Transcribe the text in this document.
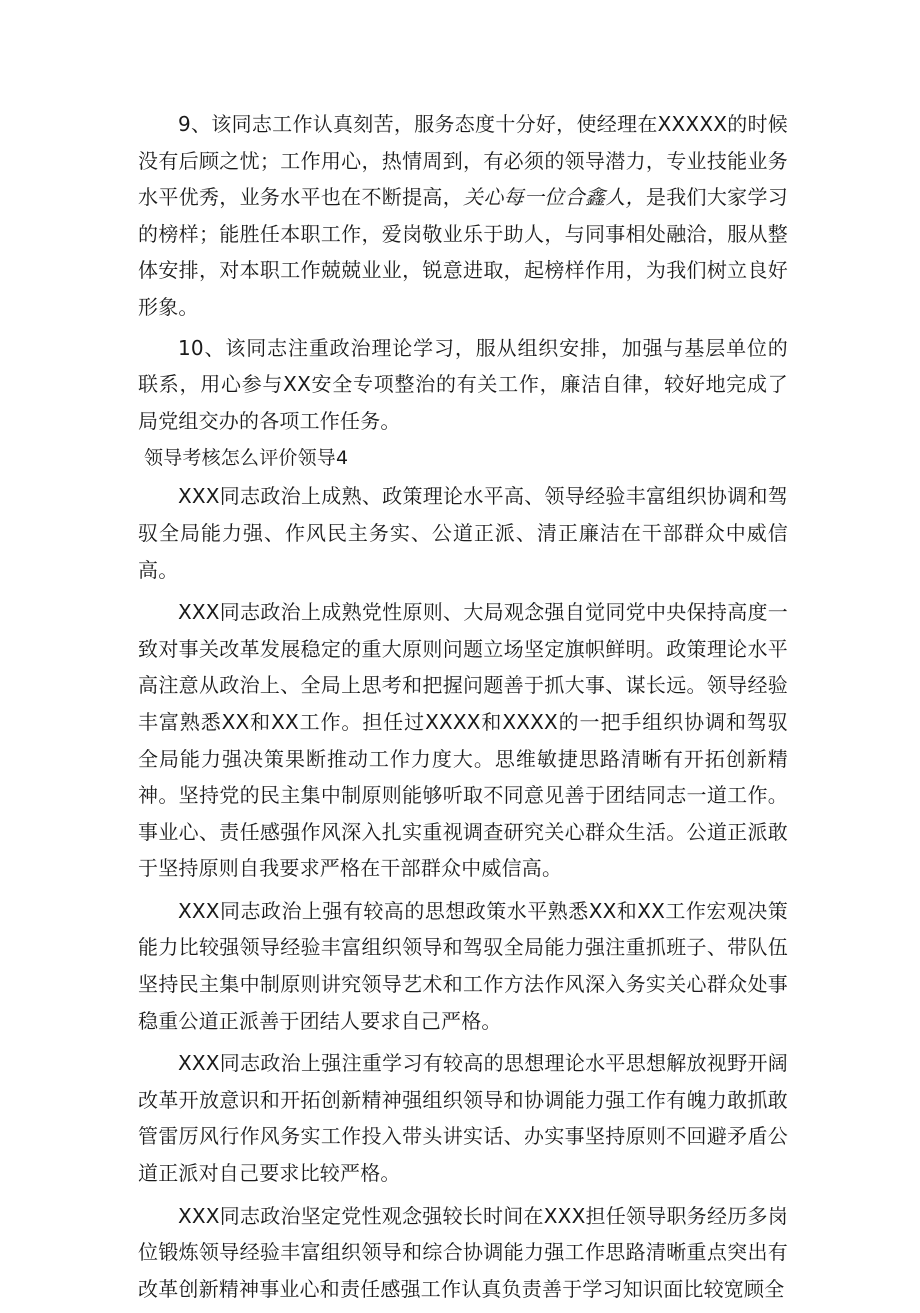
9、该同志工作认真刻苦，服务态度十分好，使经理在XXXXX的时候没有后顾之忧；工作用心，热情周到，有必须的领导潜力，专业技能业务水平优秀，业务水平也在不断提高，关心每一位合鑫人，是我们大家学习的榜样；能胜任本职工作，爱岗敬业乐于助人，与同事相处融洽，服从整体安排，对本职工作兢兢业业，锐意进取，起榜样作用，为我们树立良好形象。

10、该同志注重政治理论学习，服从组织安排，加强与基层单位的联系，用心参与XX安全专项整治的有关工作，廉洁自律，较好地完成了局党组交办的各项工作任务。

领导考核怎么评价领导4

XXX同志政治上成熟、政策理论水平高、领导经验丰富组织协调和驾驭全局能力强、作风民主务实、公道正派、清正廉洁在干部群众中威信高。

XXX同志政治上成熟党性原则、大局观念强自觉同党中央保持高度一致对事关改革发展稳定的重大原则问题立场坚定旗帜鲜明。政策理论水平高注意从政治上、全局上思考和把握问题善于抓大事、谋长远。领导经验丰富熟悉XX和XX工作。担任过XXXX和XXXX的一把手组织协调和驾驭全局能力强决策果断推动工作力度大。思维敏捷思路清晰有开拓创新精神。坚持党的民主集中制原则能够听取不同意见善于团结同志一道工作。事业心、责任感强作风深入扎实重视调查研究关心群众生活。公道正派敢于坚持原则自我要求严格在干部群众中威信高。

XXX同志政治上强有较高的思想政策水平熟悉XX和XX工作宏观决策能力比较强领导经验丰富组织领导和驾驭全局能力强注重抓班子、带队伍坚持民主集中制原则讲究领导艺术和工作方法作风深入务实关心群众处事稳重公道正派善于团结人要求自己严格。

XXX同志政治上强注重学习有较高的思想理论水平思想解放视野开阔改革开放意识和开拓创新精神强组织领导和协调能力强工作有魄力敢抓敢管雷厉风行作风务实工作投入带头讲实话、办实事坚持原则不回避矛盾公道正派对自己要求比较严格。

XXX同志政治坚定党性观念强较长时间在XXX担任领导职务经历多岗位锻炼领导经验丰富组织领导和综合协调能力强工作思路清晰重点突出有改革创新精神事业心和责任感强工作认真负责善于学习知识面比较宽顾全
